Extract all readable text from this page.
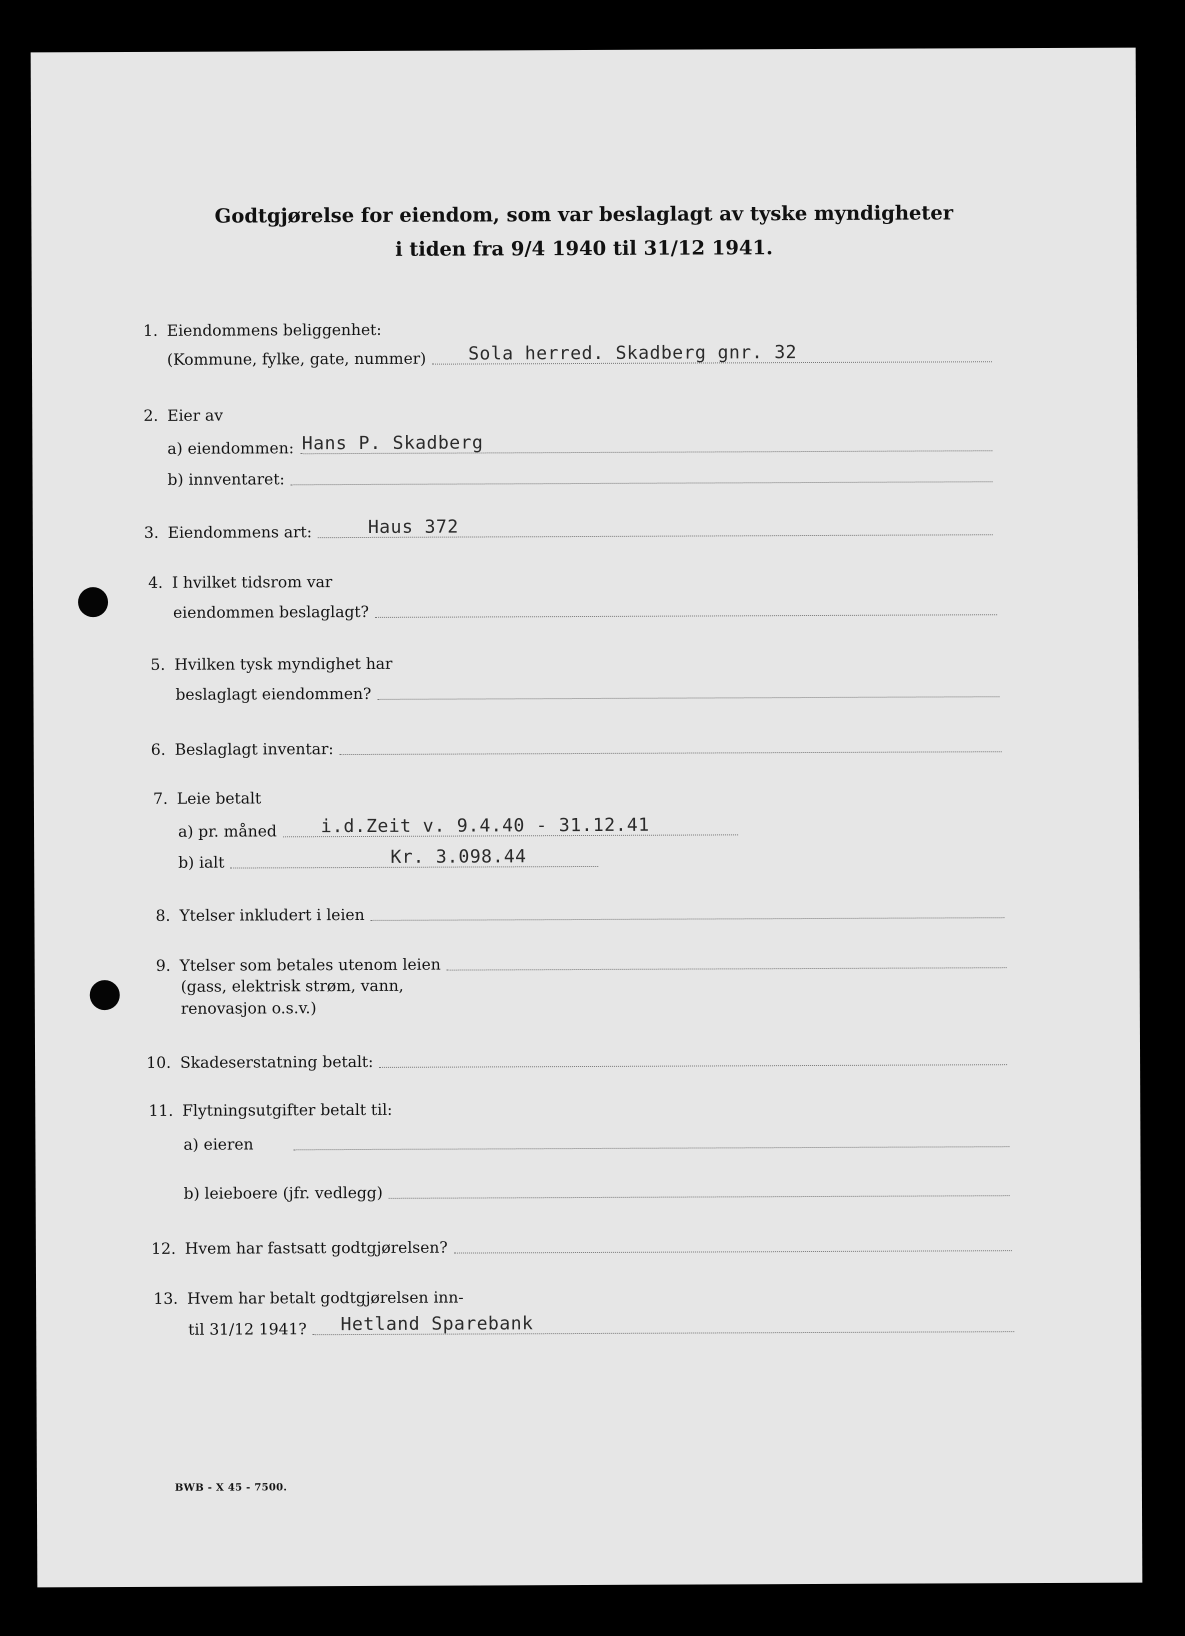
Godtgjørelse for eiendom, som var beslaglagt av tyske myndigheter
i tiden fra 9/4 1940 til 31/12 1941.
1. Eiendommens beliggenhet:
(Kommune, fylke, gate, nummer)	Sola herred. Skadberg gnr. 32
2. Eier av
a) eiendommen: Hans P. Skadberg
b) innventaret:
3. Eiendommens art:	Haus 372
4. I hvilket tidsrom var
eiendommen beslaglagt?
5. Hvilken tysk myndighet har
beslaglagt eiendommen?
6. Beslaglagt inventar:
7. Leie betalt
a) pr. måned	i.d.Zeit v. 9.4.40 - 31.12.41
b) ialt	Kr. 3.098.44
8. Ytelser inkludert i leien
9. Ytelser som betales utenom leien
(gass, elektrisk strøm, vann,
renovasjon o.s.v.)
10. Skadeserstatning betalt:
11. Flytningsutgifter betalt til:
a) eieren
b) leieboere (jfr. vedlegg)
12. Hvem har fastsatt godtgjørelsen?
13. Hvem har betalt godtgjørelsen inn-
til 31/12 1941?	Hetland Sparebank
BWB - X 45 - 7500.
